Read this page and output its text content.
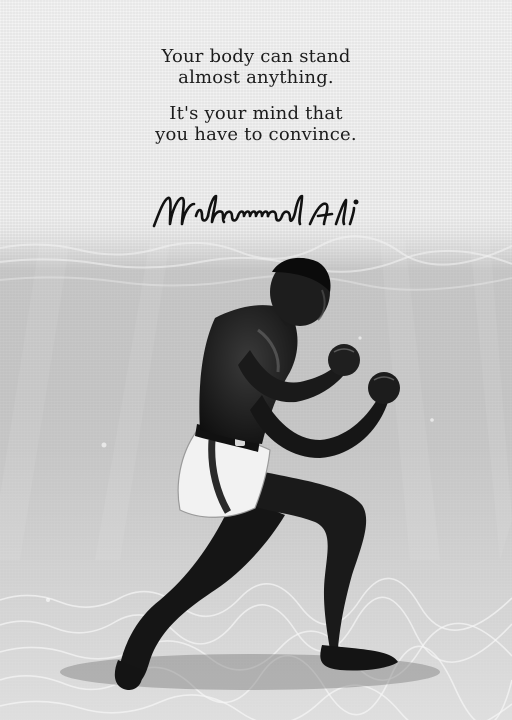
Your body can stand
almost anything.
It's your mind that
you have to convince.
